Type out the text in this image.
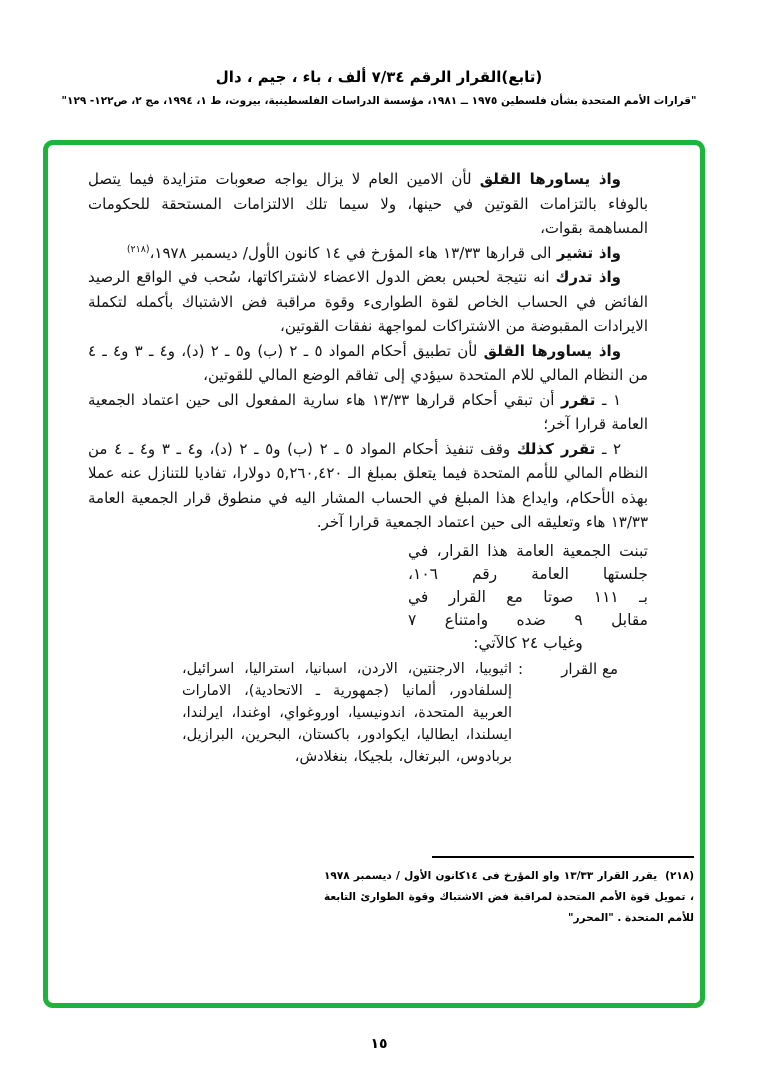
(تابع)القرار الرقم ٧/٣٤ ألف ، باء ، جيم ، دال
"قرارات الأمم المتحدة بشأن فلسطين ١٩٧٥ ــ ١٩٨١، مؤسسة الدراسات الفلسطينية، بيروت، ط ١، ١٩٩٤، مج ٢، ص١٢٢- ١٢٩"

واذ يساورها القلق لأن الامين العام لا يزال يواجه صعوبات متزايدة فيما يتصل بالوفاء بالتزامات القوتين في حينها، ولا سيما تلك الالتزامات المستحقة للحكومات المساهمة بقوات،

واذ تشير الى قرارها ١٣/٣٣ هاء المؤرخ في ١٤ كانون الأول/ ديسمبر ١٩٧٨،$^{(٢١٨)}$

واذ تدرك انه نتيجة لحبس بعض الدول الاعضاء لاشتراكاتها، سُحب في الواقع الرصيد الفائض في الحساب الخاص لقوة الطوارىء وقوة مراقبة فض الاشتباك بأكمله لتكملة الايرادات المقبوضة من الاشتراكات لمواجهة نفقات القوتين،

واذ يساورها القلق لأن تطبيق أحكام المواد ٥ ـ ٢ (ب) و٥ ـ ٢ (د)، و٤ ـ ٣ و٤ ـ ٤ من النظام المالي للام المتحدة سيؤدي إلى تفاقم الوضع المالي للقوتين،

١ ـ تقرر أن تبقي أحكام قرارها ١٣/٣٣ هاء سارية المفعول الى حين اعتماد الجمعية العامة قرارا آخر؛

٢ ـ تقرر كذلك وقف تنفيذ أحكام المواد ٥ ـ ٢ (ب) و٥ ـ ٢ (د)، و٤ ـ ٣ و٤ ـ ٤ من النظام المالي للأمم المتحدة فيما يتعلق بمبلغ الـ ٥,٢٦٠,٤٢٠ دولارا، تفاديا للتنازل عنه عملا بهذه الأحكام، وايداع هذا المبلغ في الحساب المشار اليه في منطوق قرار الجمعية العامة ١٣/٣٣ هاء وتعليقه الى حين اعتماد الجمعية قرارا آخر.

تبنت الجمعية العامة هذا القرار، في

جلستها العامة رقم ١٠٦،

بـ ١١١ صوتا مع القرار في

مقابل ٩ ضده وامتناع ٧

وغياب ٢٤ كالآتي:

مع القرار
:
اثيوبيا، الارجنتين، الاردن، اسبانيا، استراليا، اسرائيل، إلسلفادور، ألمانيا (جمهورية ـ الاتحادية)، الامارات العربية المتحدة، اندونيسيا، اوروغواي، اوغندا، ايرلندا، ايسلندا، ايطاليا، ايكوادور، باكستان، البحرين، البرازيل، بربادوس، البرتغال، بلجيكا، بنغلادش،
(٢١٨)يقرر القرار ١٣/٣٣ واو المؤرخ فى ١٤كانون الأول / ديسمبر ١٩٧٨ ، تمويل قوة الأمم المتحدة لمراقبة فض الاشتباك وقوة الطوارئ التابعة للأمم المتحدة . "المحرر"
١٥
